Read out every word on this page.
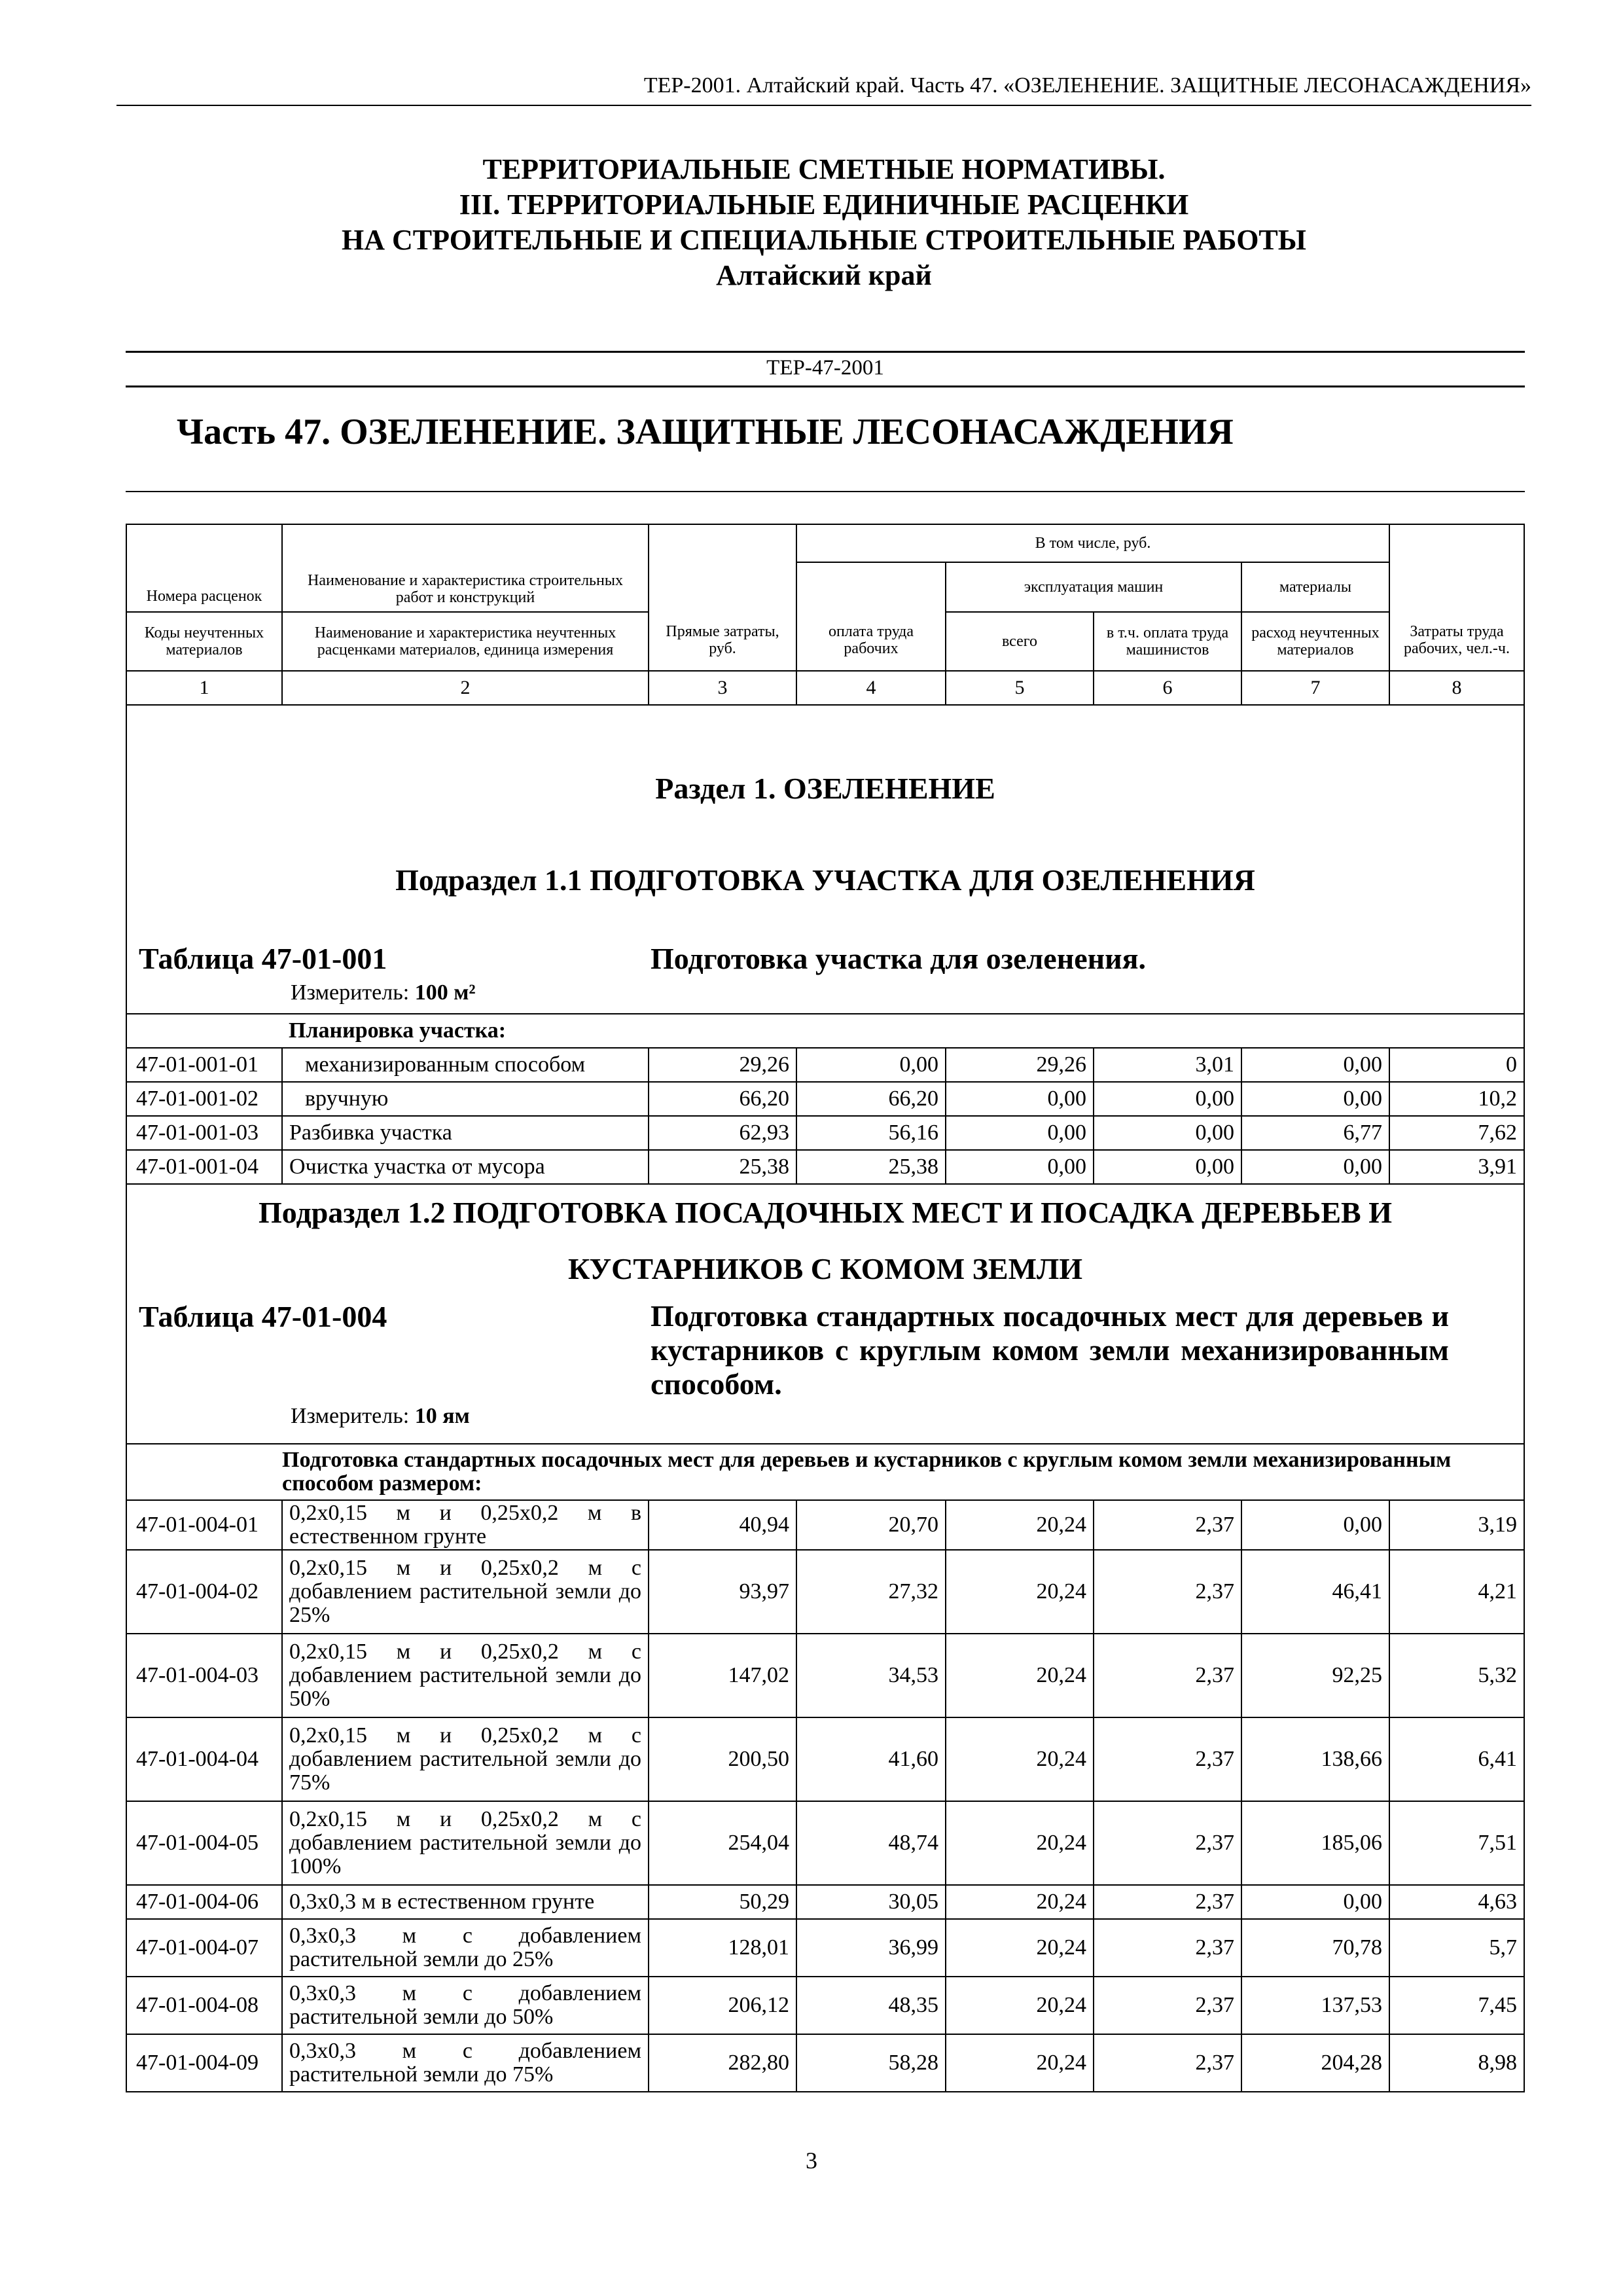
ТЕР-2001. Алтайский край. Часть 47. «ОЗЕЛЕНЕНИЕ. ЗАЩИТНЫЕ ЛЕСОНАСАЖДЕНИЯ»
ТЕРРИТОРИАЛЬНЫЕ СМЕТНЫЕ НОРМАТИВЫ.
III. ТЕРРИТОРИАЛЬНЫЕ ЕДИНИЧНЫЕ РАСЦЕНКИ
НА СТРОИТЕЛЬНЫЕ И СПЕЦИАЛЬНЫЕ СТРОИТЕЛЬНЫЕ РАБОТЫ
Алтайский край
ТЕР-47-2001
Часть 47. ОЗЕЛЕНЕНИЕ. ЗАЩИТНЫЕ ЛЕСОНАСАЖДЕНИЯ
Номера расценок	Наименование и характеристика строительных работ и конструкций	Прямые затраты, руб.	В том числе, руб.				Затраты труда рабочих, чел.-ч.
			оплата труда рабочих	эксплуатация машин		материалы	
Коды неучтенных материалов	Наименование и характеристика неучтенных расценками материалов, единица измерения			всего	в т.ч. оплата труда машинистов	расход неучтенных материалов	
1	2	3	4	5	6	7	8

Раздел 1. ОЗЕЛЕНЕНИЕ
Подраздел 1.1 ПОДГОТОВКА УЧАСТКА ДЛЯ ОЗЕЛЕНЕНИЯ
Таблица 47-01-001 Подготовка участка для озеленения.
Измеритель: 100 м²							

	Планировка участка:						
47-01-001-01	механизированным способом	29,26	0,00	29,26	3,01	0,00	0
47-01-001-02	вручную	66,20	66,20	0,00	0,00	0,00	10,2
47-01-001-03	Разбивка участка	62,93	56,16	0,00	0,00	6,77	7,62
47-01-001-04	Очистка участка от мусора	25,38	25,38	0,00	0,00	0,00	3,91

Подраздел 1.2 ПОДГОТОВКА ПОСАДОЧНЫХ МЕСТ И ПОСАДКА ДЕРЕВЬЕВ И
КУСТАРНИКОВ С КОМОМ ЗЕМЛИ
Таблица 47-01-004 Подготовка стандартных посадочных мест для деревьев и кустарников с круглым комом земли механизированным способом.
Измеритель: 10 ям							

	Подготовка стандартных посадочных мест для деревьев и кустарников с круглым комом земли механизированным способом размером:						
47-01-004-01	0,2х0,15 м и 0,25х0,2 м в естественном грунте	40,94	20,70	20,24	2,37	0,00	3,19
47-01-004-02	0,2х0,15 м и 0,25х0,2 м с добавлением растительной земли до 25%	93,97	27,32	20,24	2,37	46,41	4,21
47-01-004-03	0,2х0,15 м и 0,25х0,2 м с добавлением растительной земли до 50%	147,02	34,53	20,24	2,37	92,25	5,32
47-01-004-04	0,2х0,15 м и 0,25х0,2 м с добавлением растительной земли до 75%	200,50	41,60	20,24	2,37	138,66	6,41
47-01-004-05	0,2х0,15 м и 0,25х0,2 м с добавлением растительной земли до 100%	254,04	48,74	20,24	2,37	185,06	7,51
47-01-004-06	0,3х0,3 м в естественном грунте	50,29	30,05	20,24	2,37	0,00	4,63
47-01-004-07	0,3х0,3 м с добавлением растительной земли до 25%	128,01	36,99	20,24	2,37	70,78	5,7
47-01-004-08	0,3х0,3 м с добавлением растительной земли до 50%	206,12	48,35	20,24	2,37	137,53	7,45
47-01-004-09	0,3х0,3 м с добавлением растительной земли до 75%	282,80	58,28	20,24	2,37	204,28	8,98
3
